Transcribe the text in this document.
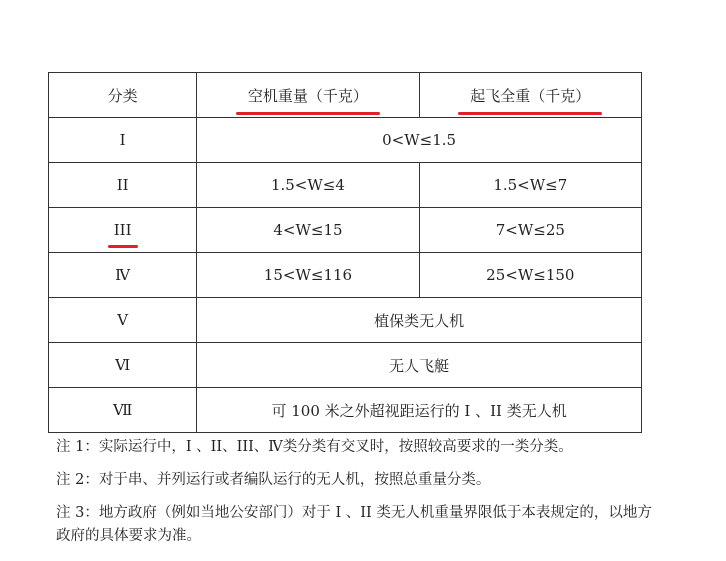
分类	空机重量（千克）	起飞全重（千克）
I	0<W≤1.5	
II	1.5<W≤4	1.5<W≤7
III	4<W≤15	7<W≤25
Ⅳ	15<W≤116	25<W≤150
V	植保类无人机	
Ⅵ	无人飞艇	
Ⅶ	可 100 米之外超视距运行的 I 、II 类无人机	

注 1：实际运行中，I 、II、III、Ⅳ类分类有交叉时，按照较高要求的一类分类。

注 2：对于串、并列运行或者编队运行的无人机，按照总重量分类。

注 3：地方政府（例如当地公安部门）对于 I 、II 类无人机重量界限低于本表规定的，以地方政府的具体要求为准。
